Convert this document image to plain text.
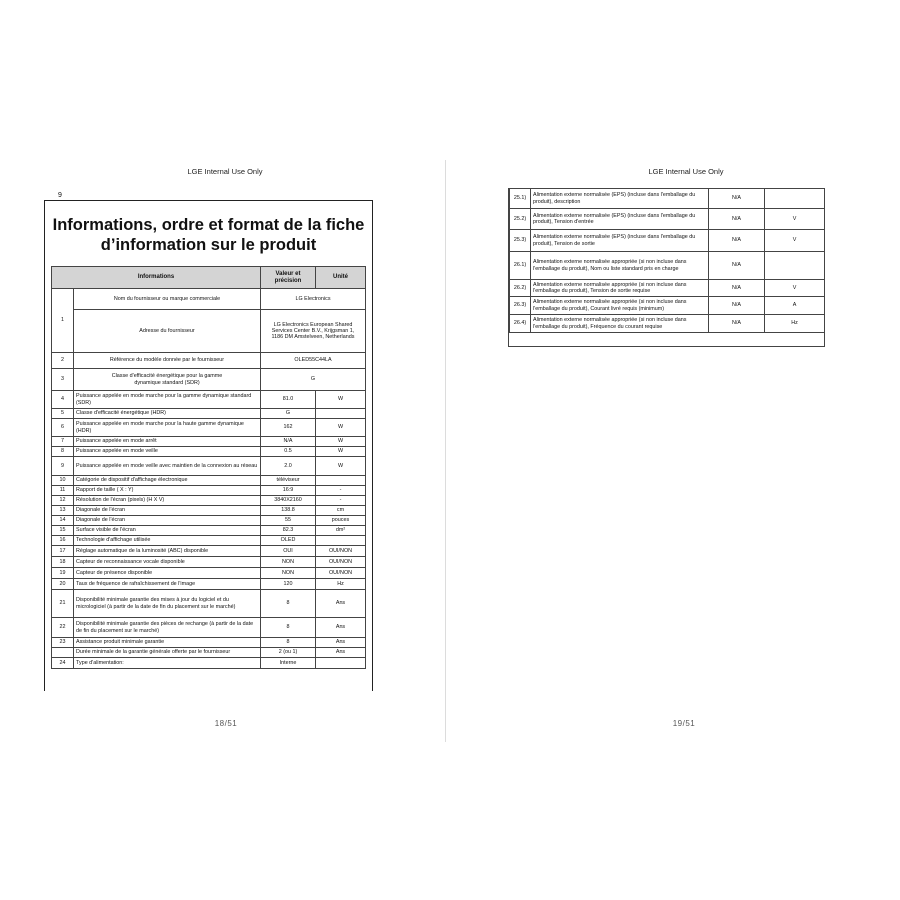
LGE Internal Use Only
9
Informations, ordre et format de la fiche
d’information sur le produit
Informations		Valeur et précision	Unité
1	Nom du fournisseur ou marque commerciale	LG Electronics	
	Adresse du fournisseur	LG Electronics European Shared Services Center B.V., Krijgsman 1, 1186 DM Amstelveen, Netherlands	
2	Référence du modèle donnée par le fournisseur	OLED55C44LA	
3	Classe d'efficacité énergétique pour la gamme dynamique standard (SDR)	G	
4	Puissance appelée en mode marche pour la gamme dynamique standard (SDR)	81.0	W
5	Classe d'efficacité énergétique (HDR)	G	
6	Puissance appelée en mode marche pour la haute gamme dynamique (HDR)	162	W
7	Puissance appelée en mode arrêt	N/A	W
8	Puissance appelée en mode veille	0.5	W
9	Puissance appelée en mode veille avec maintien de la connexion au réseau	2.0	W
10	Catégorie de dispositif d'affichage électronique	téléviseur	
11	Rapport de taille ( X : Y)	16:9	-
12	Résolution de l'écran (pixels) (H X V)	3840X2160	-
13	Diagonale de l'écran	138.8	cm
14	Diagonale de l'écran	55	pouces
15	Surface visible de l'écran	82.3	dm²
16	Technologie d'affichage utilisée	OLED	
17	Réglage automatique de la luminosité (ABC) disponible	OUI	OUI/NON
18	Capteur de reconnaissance vocale disponible	NON	OUI/NON
19	Capteur de présence disponible	NON	OUI/NON
20	Taux de fréquence de rafraîchissement de l'image	120	Hz
21	Disponibilité minimale garantie des mises à jour du logiciel et du micrologiciel (à partir de la date de fin du placement sur le marché)	8	Ans
22	Disponibilité minimale garantie des pièces de rechange (à partir de la date de fin du placement sur le marché)	8	Ans
23	Assistance produit minimale garantie	8	Ans
	Durée minimale de la garantie générale offerte par le fournisseur	2 (ou 1)	Ans
24	Type d'alimentation:	Interne	
18/51
LGE Internal Use Only
25.1)	Alimentation externe normalisée (EPS) (incluse dans l'emballage du produit), description	N/A	
25.2)	Alimentation externe normalisée (EPS) (incluse dans l'emballage du produit), Tension d'entrée	N/A	V
25.3)	Alimentation externe normalisée (EPS) (incluse dans l'emballage du produit), Tension de sortie	N/A	V
26.1)	Alimentation externe normalisée appropriée (si non incluse dans l'emballage du produit), Nom ou liste standard pris en charge	N/A	
26.2)	Alimentation externe normalisée appropriée (si non incluse dans l'emballage du produit), Tension de sortie requise	N/A	V
26.3)	Alimentation externe normalisée appropriée (si non incluse dans l'emballage du produit), Courant livré requis (minimum)	N/A	A
26.4)	Alimentation externe normalisée appropriée (si non incluse dans l'emballage du produit), Fréquence du courant requise	N/A	Hz
19/51
